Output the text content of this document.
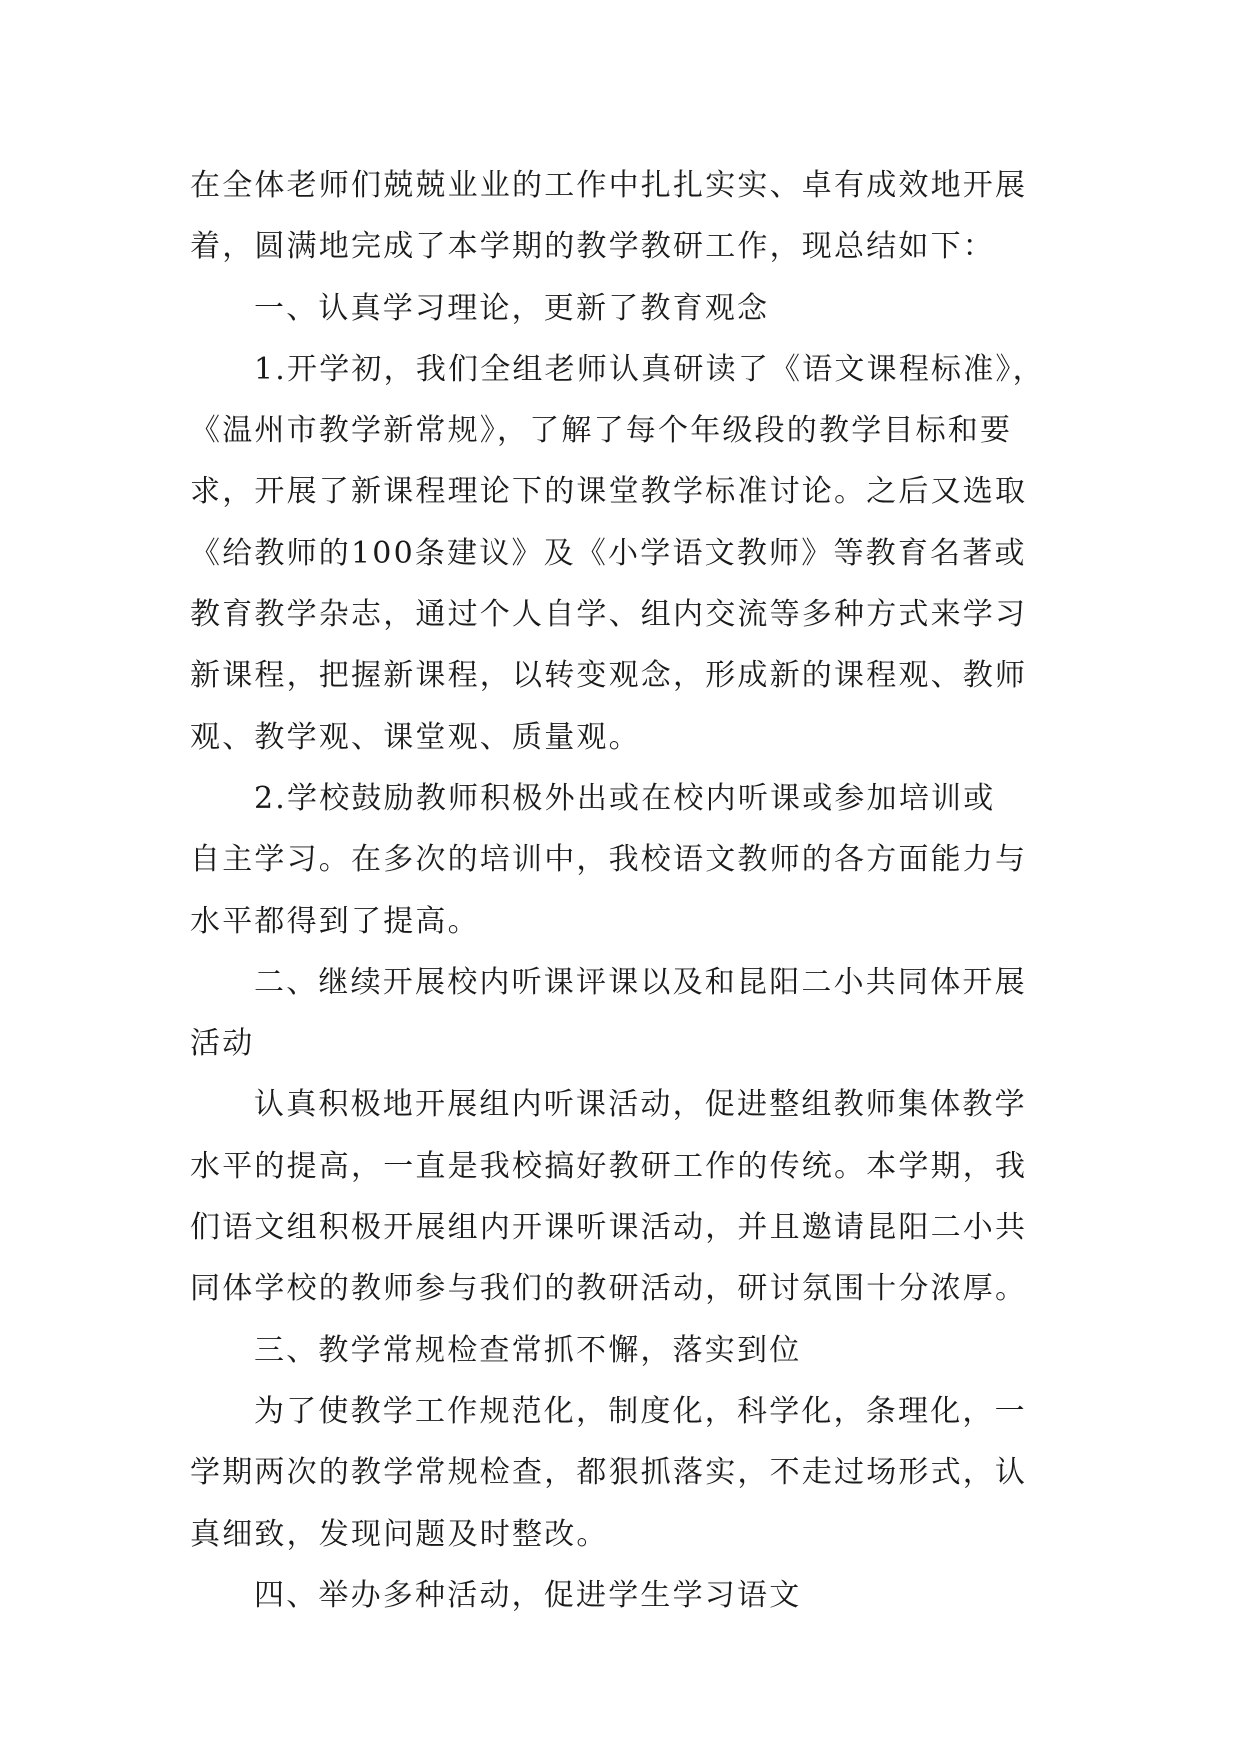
在全体老师们兢兢业业的工作中扎扎实实、卓有成效地开展
着，圆满地完成了本学期的教学教研工作，现总结如下：
一、认真学习理论，更新了教育观念
1.开学初，我们全组老师认真研读了《语文课程标准》，
《温州市教学新常规》，了解了每个年级段的教学目标和要
求，开展了新课程理论下的课堂教学标准讨论。之后又选取
《给教师的100条建议》及《小学语文教师》等教育名著或
教育教学杂志，通过个人自学、组内交流等多种方式来学习
新课程，把握新课程，以转变观念，形成新的课程观、教师
观、教学观、课堂观、质量观。
2.学校鼓励教师积极外出或在校内听课或参加培训或
自主学习。在多次的培训中，我校语文教师的各方面能力与
水平都得到了提高。
二、继续开展校内听课评课以及和昆阳二小共同体开展
活动
认真积极地开展组内听课活动，促进整组教师集体教学
水平的提高，一直是我校搞好教研工作的传统。本学期，我
们语文组积极开展组内开课听课活动，并且邀请昆阳二小共
同体学校的教师参与我们的教研活动，研讨氛围十分浓厚。
三、教学常规检查常抓不懈，落实到位
为了使教学工作规范化，制度化，科学化，条理化，一
学期两次的教学常规检查，都狠抓落实，不走过场形式，认
真细致，发现问题及时整改。
四、举办多种活动，促进学生学习语文
